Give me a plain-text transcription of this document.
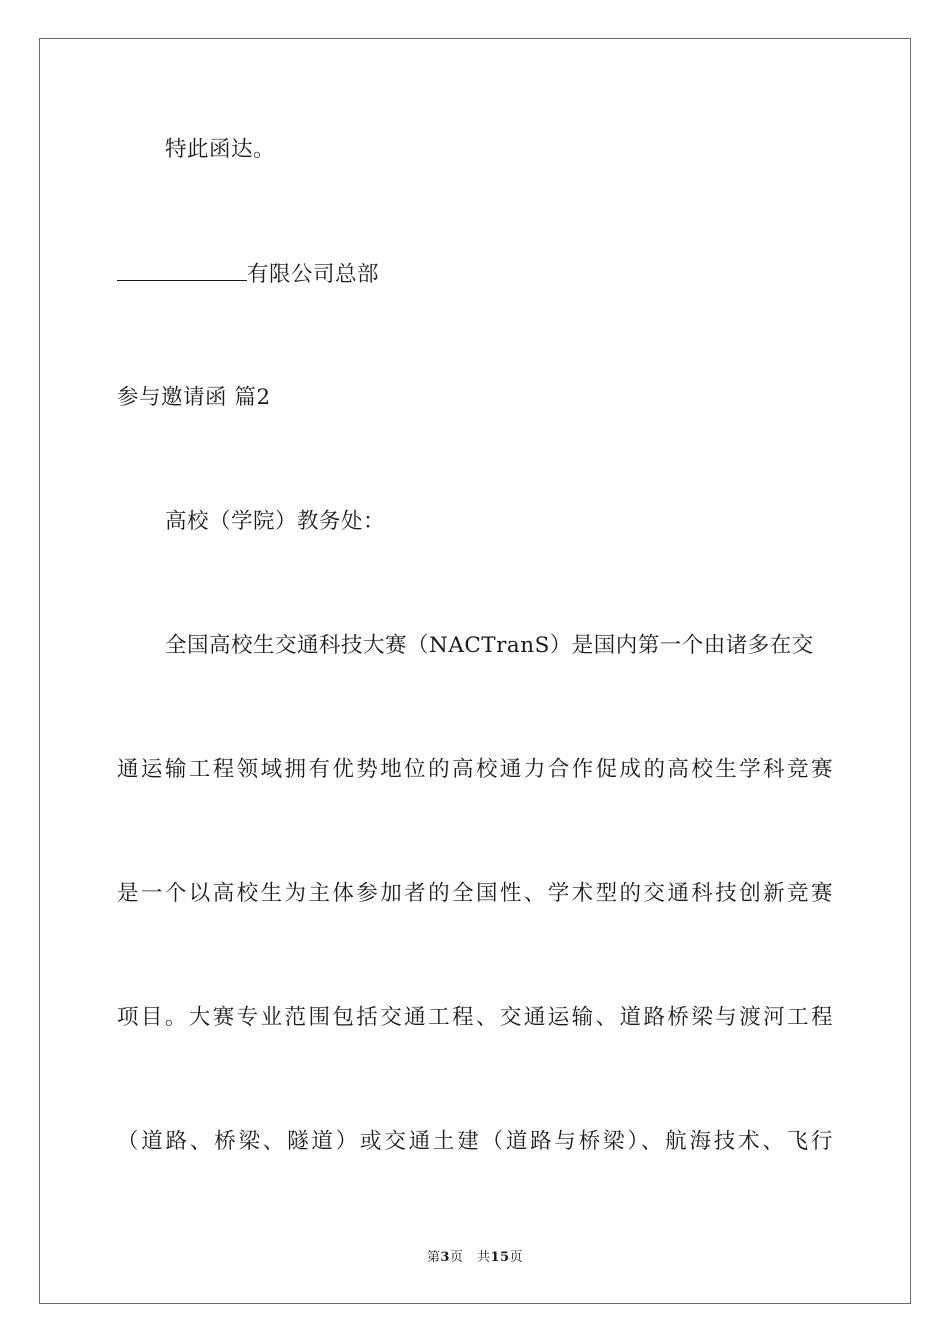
特此函达。
有限公司总部
参与邀请函 篇2
高校（学院）教务处：
全国高校生交通科技大赛（NACTranS）是国内第一个由诸多在交
通运输工程领域拥有优势地位的高校通力合作促成的高校生学科竞赛
是一个以高校生为主体参加者的全国性、学术型的交通科技创新竞赛
项目。大赛专业范围包括交通工程、交通运输、道路桥梁与渡河工程
（道路、桥梁、隧道）或交通土建（道路与桥梁）、航海技术、飞行
第3页　共15页
